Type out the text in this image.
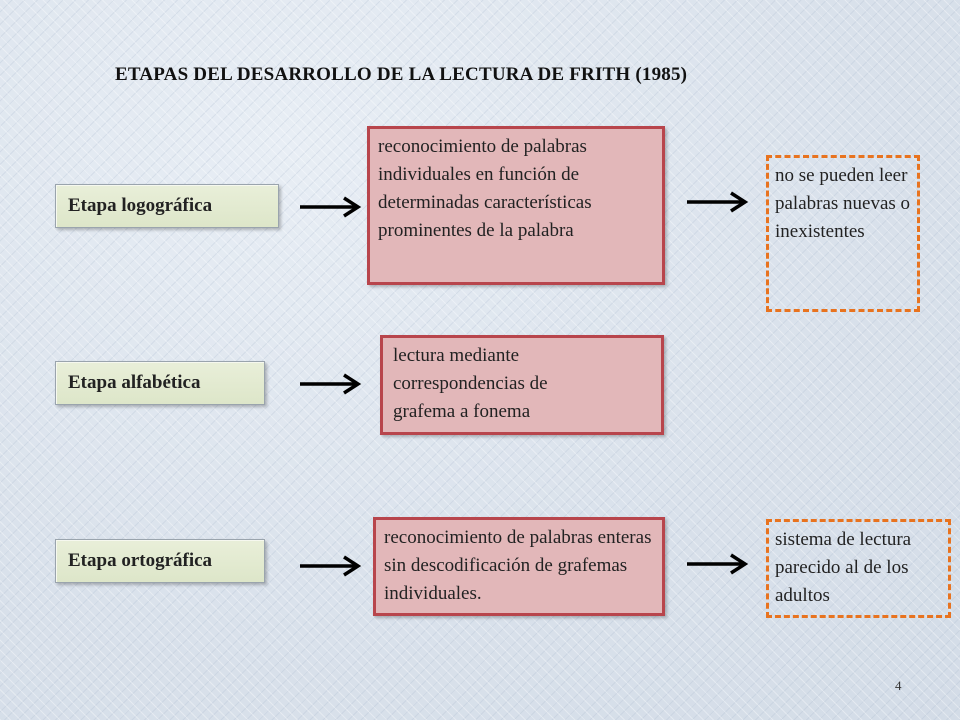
ETAPAS DEL DESARROLLO DE LA LECTURA DE FRITH (1985)
Etapa logográfica
reconocimiento de palabras individuales en función de determinadas características prominentes de la palabra
no se pueden leer palabras nuevas o inexistentes
Etapa alfabética
lectura mediante correspondencias de grafema a fonema
Etapa ortográfica
reconocimiento de palabras enteras sin descodificación de grafemas individuales.
sistema de lectura parecido al de los adultos
4
